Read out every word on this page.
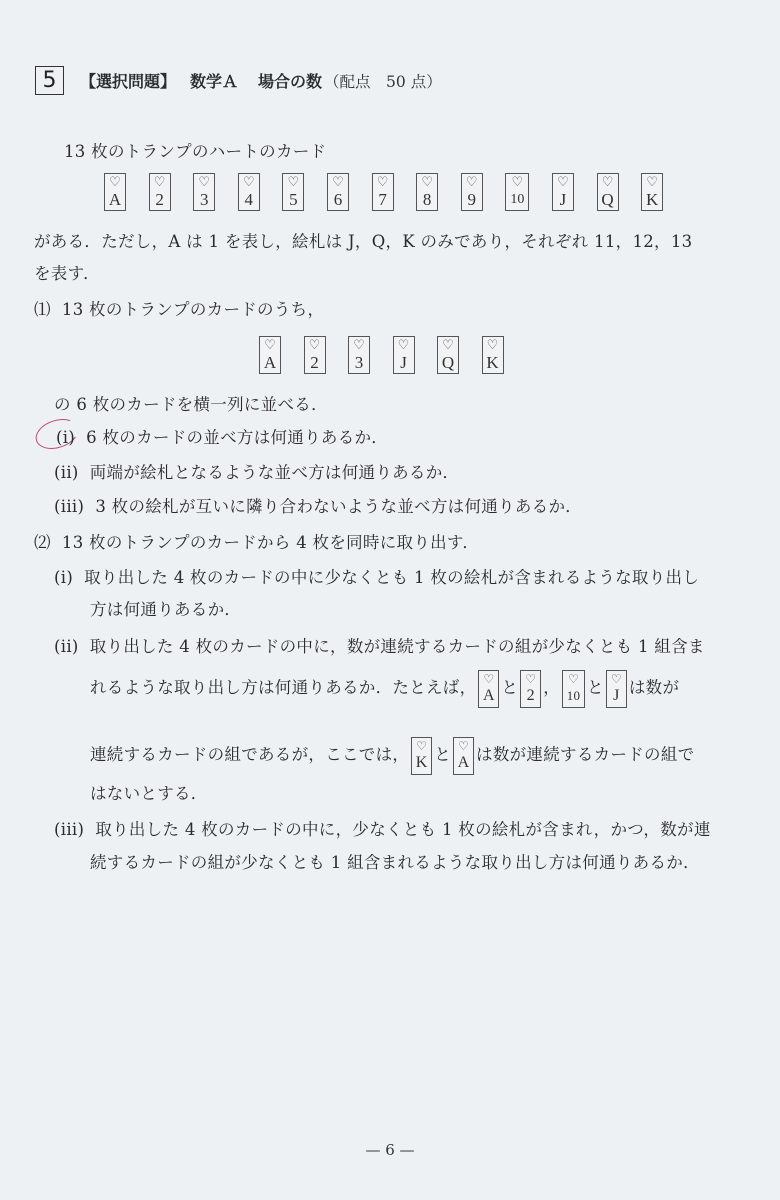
5	【選択問題】 数学Ａ 場合の数 （配点　50 点）
13 枚のトランプのハートのカード
♡
A
♡
2
♡
3
♡
4
♡
5
♡
6
♡
7
♡
8
♡
9
♡
10
♡
J
♡
Q
♡
K
がある．ただし，A は 1 を表し，絵札は J，Q，K のみであり，それぞれ 11，12，13
を表す．
⑴ 13 枚のトランプのカードのうち，
♡
A
♡
2
♡
3
♡
J
♡
Q
♡
K
の 6 枚のカードを横一列に並べる．
(i) 6 枚のカードの並べ方は何通りあるか．
(ii) 両端が絵札となるような並べ方は何通りあるか．
(iii) 3 枚の絵札が互いに隣り合わないような並べ方は何通りあるか．
⑵ 13 枚のトランプのカードから 4 枚を同時に取り出す．
(i) 取り出した 4 枚のカードの中に少なくとも 1 枚の絵札が含まれるような取り出し
方は何通りあるか．
(ii) 取り出した 4 枚のカードの中に，数が連続するカードの組が少なくとも 1 組含ま
れるような取り出し方は何通りあるか．たとえば， ♡
A と ♡
2 ， ♡
10 と ♡
J は数が
連続するカードの組であるが，ここでは， ♡
K と ♡
A は数が連続するカードの組で
はないとする．
(iii) 取り出した 4 枚のカードの中に，少なくとも 1 枚の絵札が含まれ，かつ，数が連
続するカードの組が少なくとも 1 組含まれるような取り出し方は何通りあるか．
— 6 —
